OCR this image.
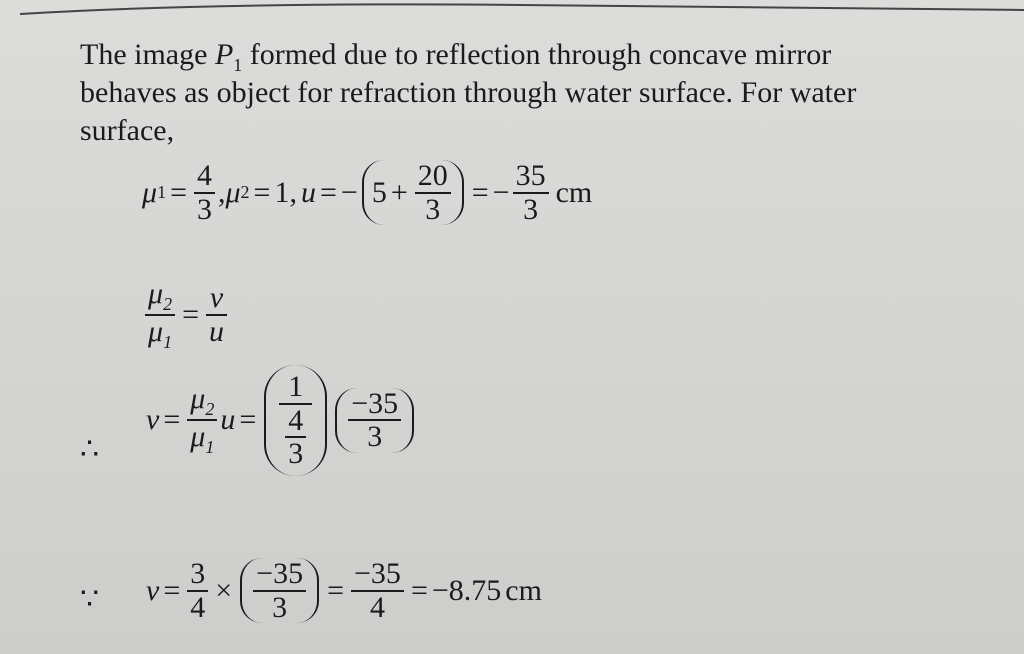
The image $P_1$ formed due to reflection through concave mirror
behaves as object for refraction through water surface. For water
surface,
μ $1 = \frac{4}{3}$ , μ 2 = 1 , u = − $5 + \frac{20}{3}$ = − $\frac{35}{3}$ cm
$\frac{\mu_2}{\mu_1} = \frac{v}{u}$
∴
$v = \frac{\mu_2}{\mu_1}$ $u = \frac{1}{\frac{4}{3}} \frac{-35}{3}$
∵ $v = \frac{3}{4} \times \frac{-35}{3} = \frac{-35}{4} = -8.75$ cm
